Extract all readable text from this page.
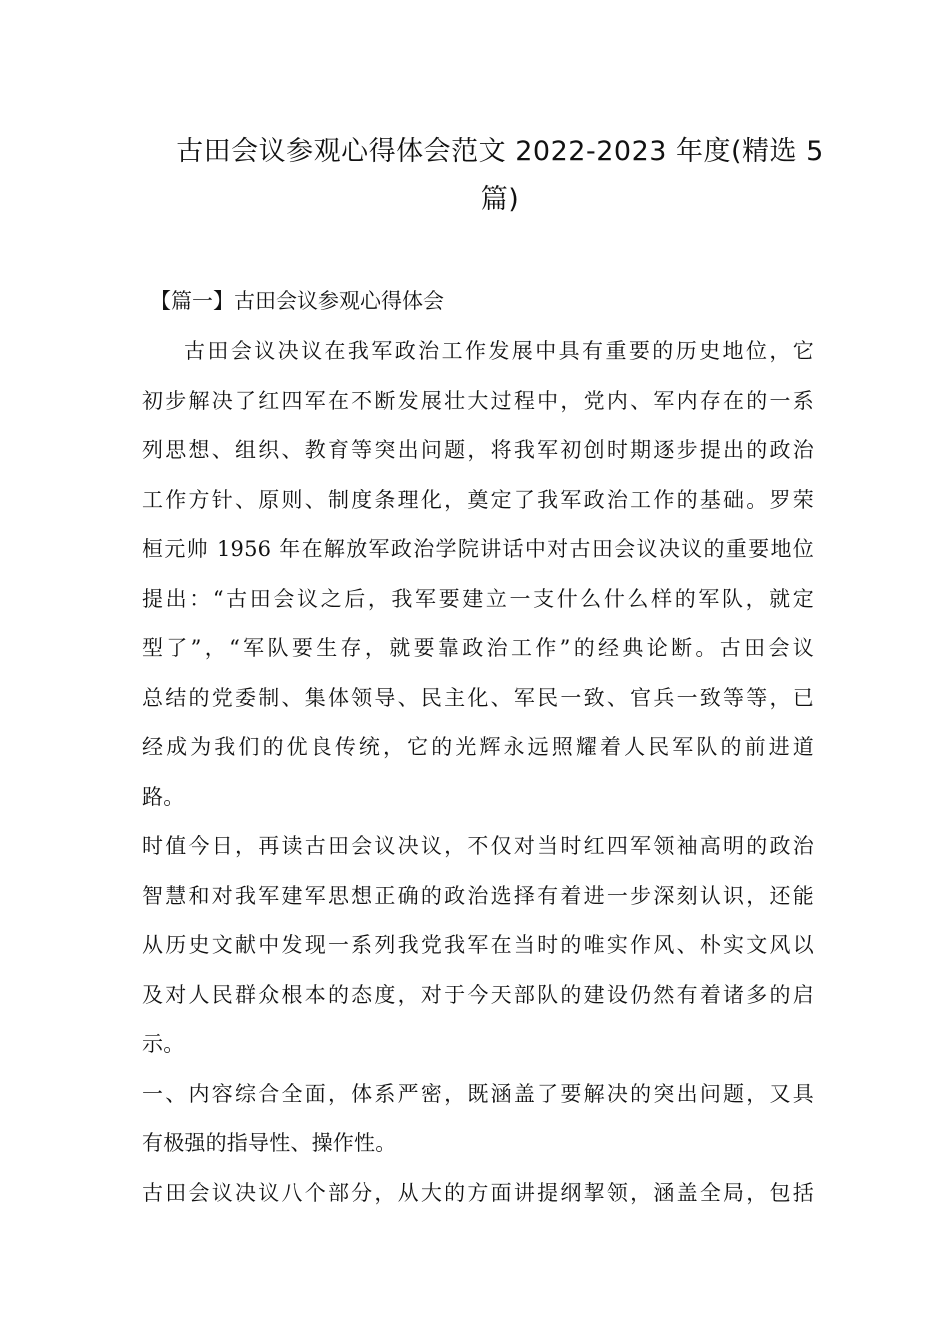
古田会议参观心得体会范文 2022-2023 年度(精选 5
篇)
【篇一】古田会议参观心得体会
古田会议决议在我军政治工作发展中具有重要的历史地位，它
初步解决了红四军在不断发展壮大过程中，党内、军内存在的一系
列思想、组织、教育等突出问题，将我军初创时期逐步提出的政治
工作方针、原则、制度条理化，奠定了我军政治工作的基础。罗荣
桓元帅 1956 年在解放军政治学院讲话中对古田会议决议的重要地位
提出：“古田会议之后，我军要建立一支什么什么样的军队，就定
型了”，“军队要生存，就要靠政治工作”的经典论断。古田会议
总结的党委制、集体领导、民主化、军民一致、官兵一致等等，已
经成为我们的优良传统，它的光辉永远照耀着人民军队的前进道
路。
时值今日，再读古田会议决议，不仅对当时红四军领袖高明的政治
智慧和对我军建军思想正确的政治选择有着进一步深刻认识，还能
从历史文献中发现一系列我党我军在当时的唯实作风、朴实文风以
及对人民群众根本的态度，对于今天部队的建设仍然有着诸多的启
示。
一、内容综合全面，体系严密，既涵盖了要解决的突出问题，又具
有极强的指导性、操作性。
古田会议决议八个部分，从大的方面讲提纲挈领，涵盖全局，包括
